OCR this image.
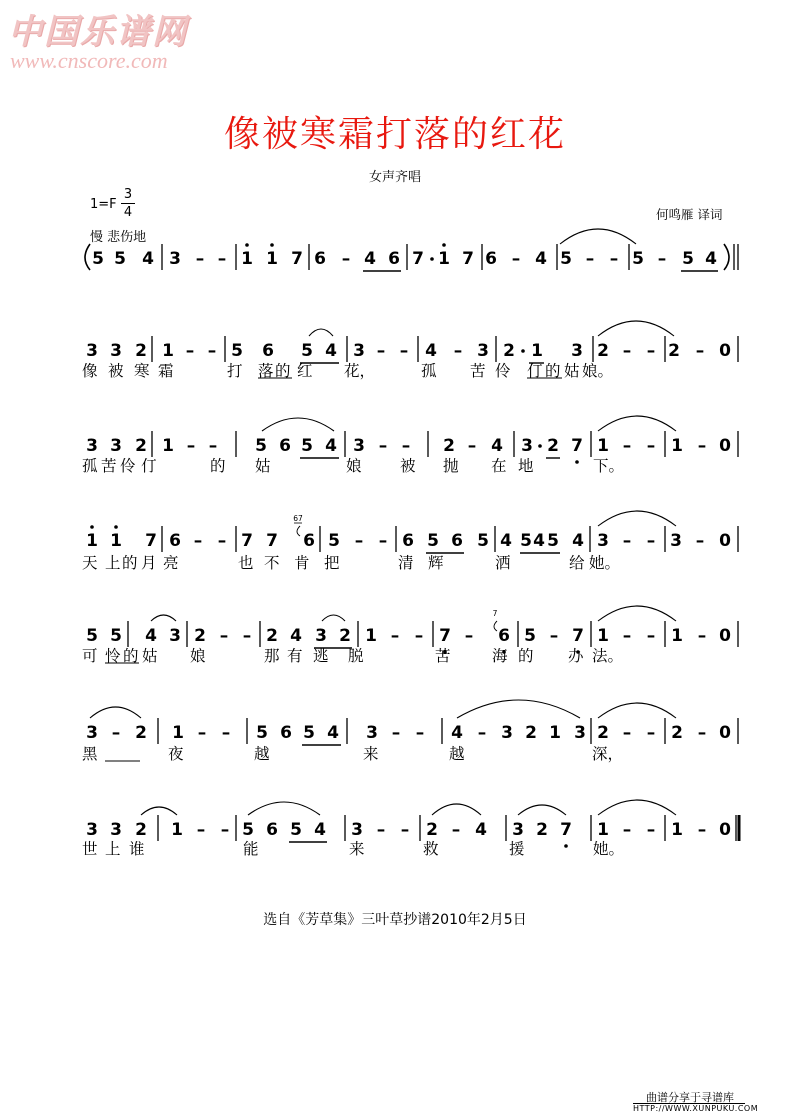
中国乐谱网
www.cnscore.com
像被寒霜打落的红花
女声齐唱
1=F
3
4
慢 悲伤地
何鸣雁 译词
5 5 4 3 – – 1 1 7 6 – 4 6 7 1 7 6 – 4 5 – – 5 – 5 4
3 3 2 1 – – 5 6 5 4 3 – – 4 – 3 2 1 3 2 – – 2 – 0
3 3 2 1 – – 5 6 5 4 3 – – 2 – 4 3 2 7 1 – – 1 – 0
1 1 7 6 – – 7 7 6 5 – – 6 5 6 5 4 5 4 5 4 3 – – 3 – 0
5 5 4 3 2 – – 2 4 3 2 1 – – 7 – 6 5 – 7 1 – – 1 – 0
3 – 2 1 – – 5 6 5 4 3 – – 4 – 3 2 1 3 2 – – 2 – 0
3 3 2 1 – – 5 6 5 4 3 – – 2 – 4 3 2 7 1 – – 1 – 0
67
7
像 被 寒 霜	打 落 的 红 花，	孤 苦 伶 仃 的 姑 娘。
孤 苦 伶 仃	的 姑	娘 被 抛 在 地	下。
天 上 的 月 亮	也 不 肯 把	清 辉	洒	给 她。
可 怜 的 姑 娘	那 有 逃 脱	苦	海 的 办 法。
黑	夜	越	来	越	深，
世 上 谁	能	来	救	援	她。
选自《芳草集》三叶草抄谱2010年2月5日
曲谱分享于寻谱库
HTTP://WWW.XUNPUKU.COM
